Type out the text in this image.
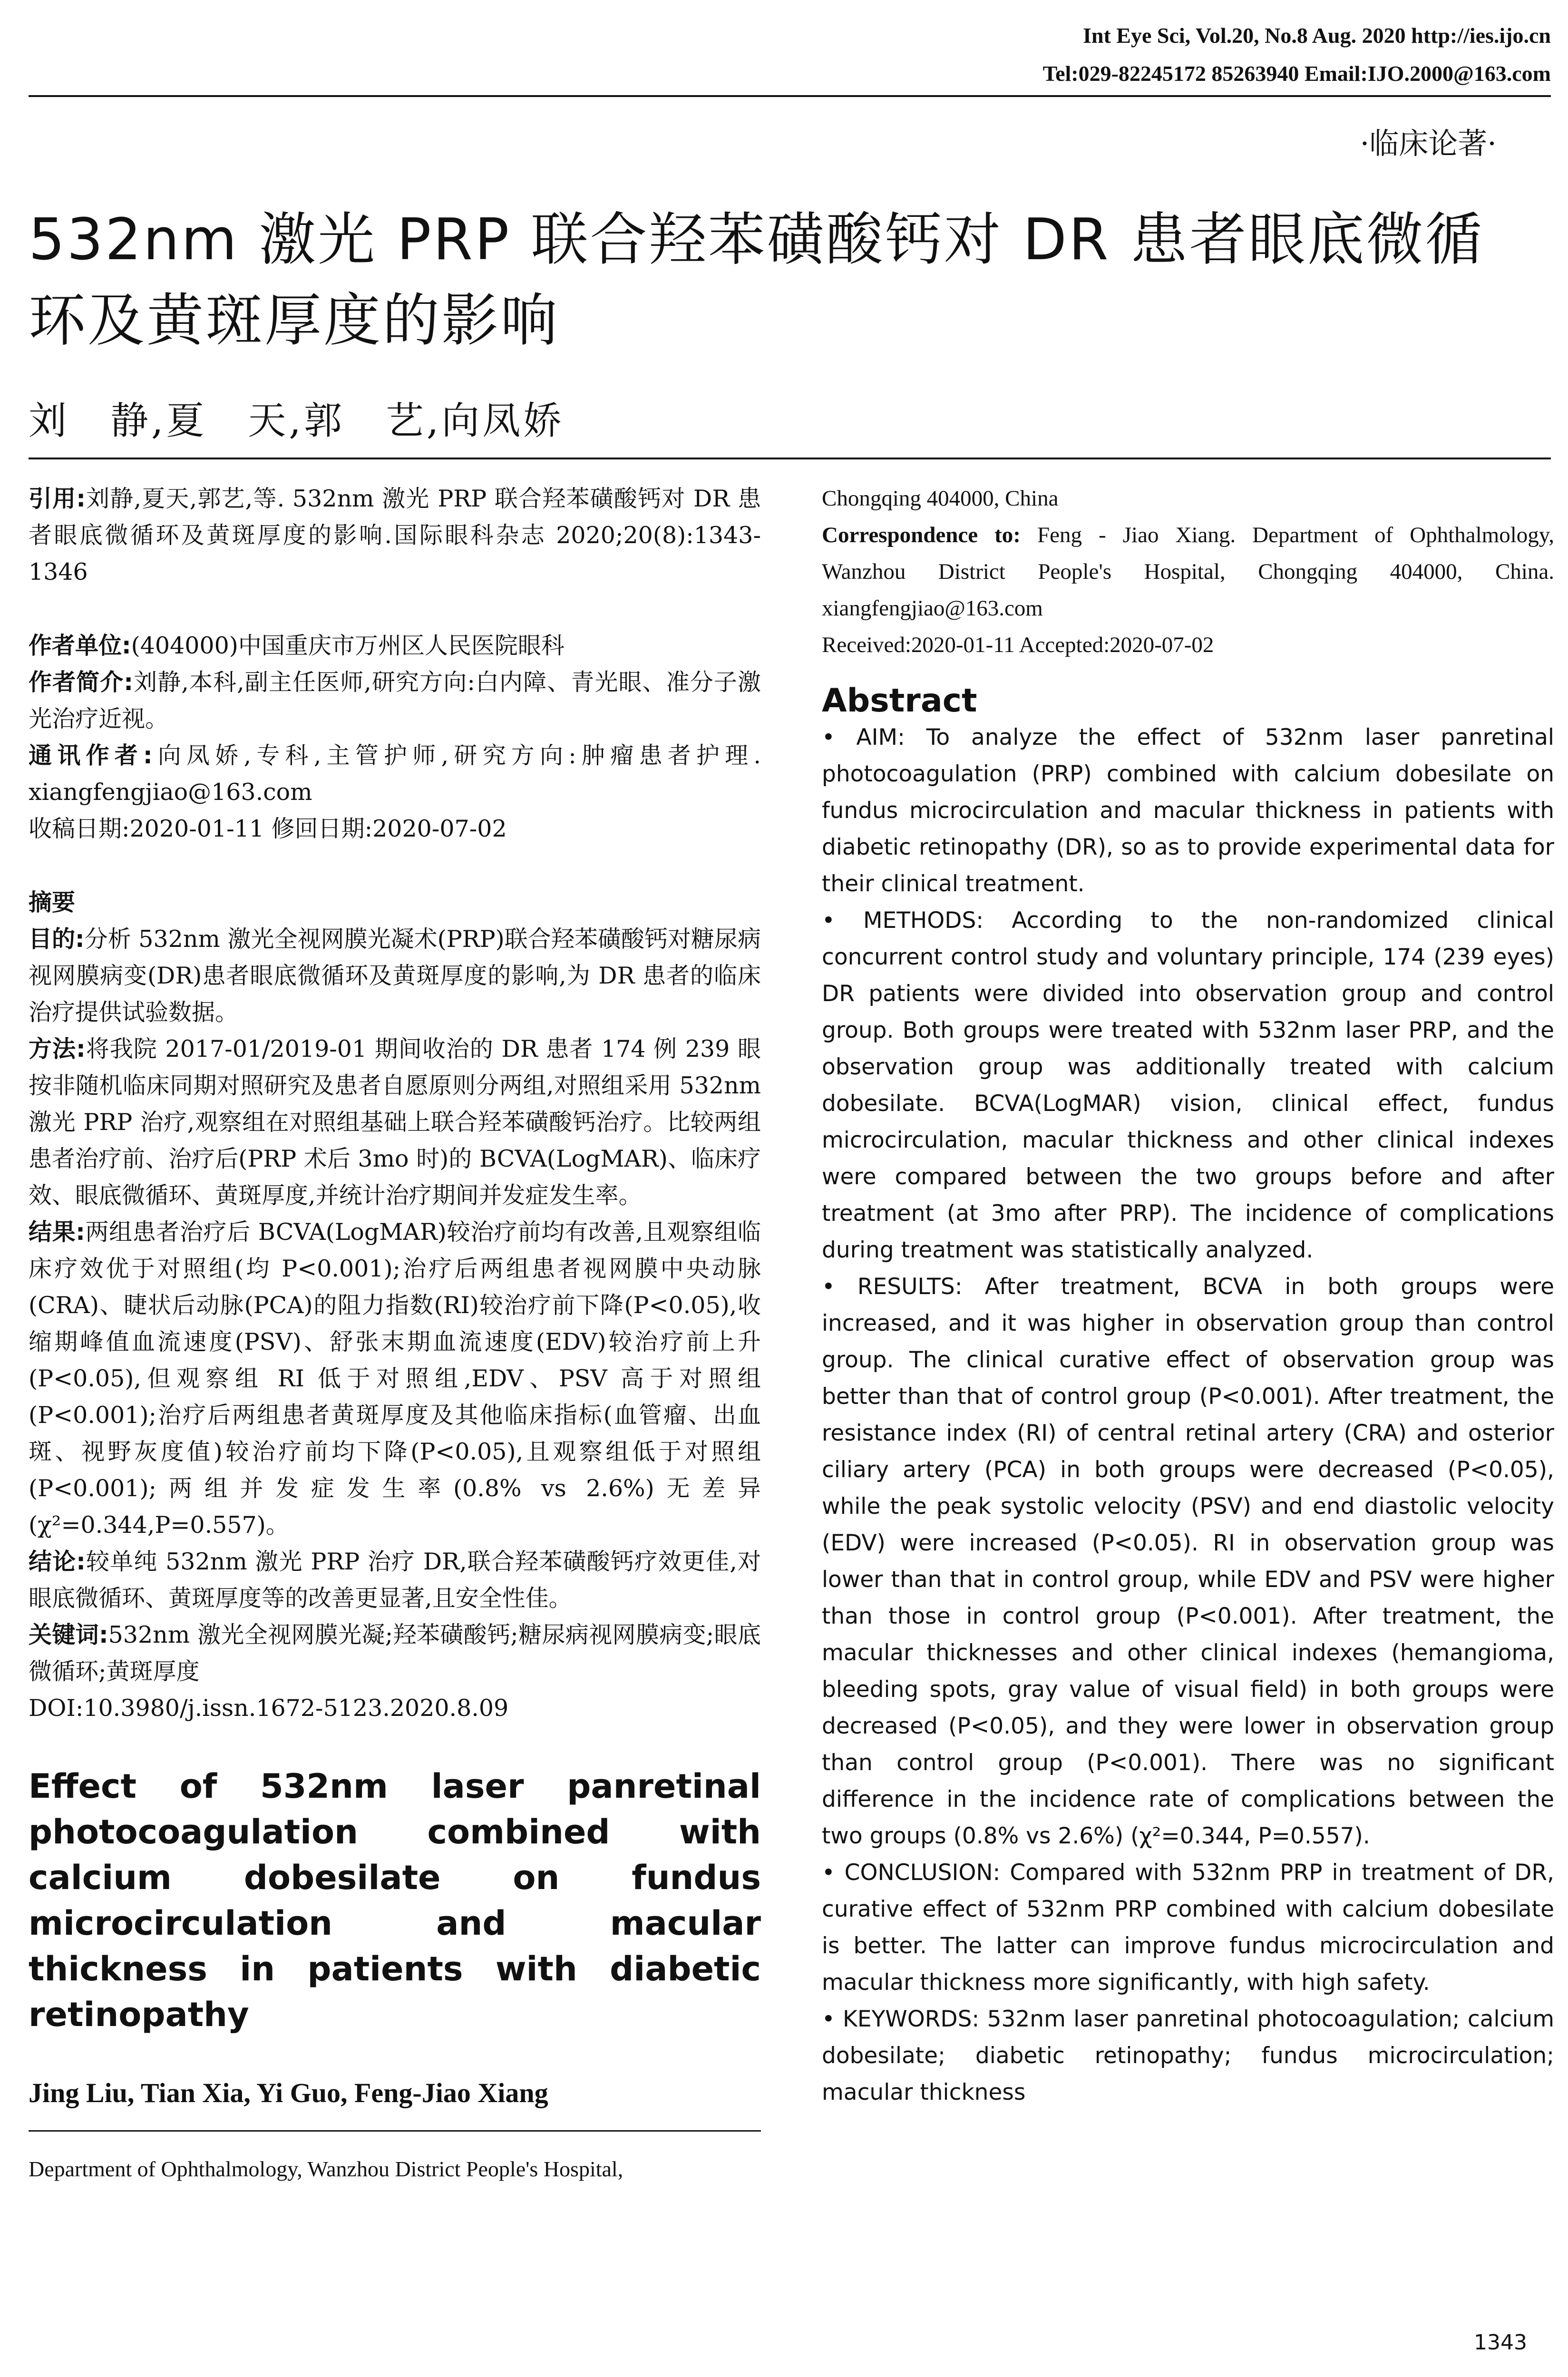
Int Eye Sci, Vol.20, No.8 Aug. 2020 http://ies.ijo.cn
Tel:029-82245172 85263940 Email:IJO.2000@163.com
·临床论著·
532nm 激光 PRP 联合羟苯磺酸钙对 DR 患者眼底微循环及黄斑厚度的影响
刘　静,夏　天,郭　艺,向凤娇

引用:刘静,夏天,郭艺,等. 532nm 激光 PRP 联合羟苯磺酸钙对 DR 患者眼底微循环及黄斑厚度的影响.国际眼科杂志 2020;20(8):1343-1346

作者单位:(404000)中国重庆市万州区人民医院眼科

作者简介:刘静,本科,副主任医师,研究方向:白内障、青光眼、准分子激光治疗近视。

通讯作者:向凤娇,专科,主管护师,研究方向:肿瘤患者护理. xiangfengjiao@163.com

收稿日期:2020-01-11 修回日期:2020-07-02

摘要

目的:分析 532nm 激光全视网膜光凝术(PRP)联合羟苯磺酸钙对糖尿病视网膜病变(DR)患者眼底微循环及黄斑厚度的影响,为 DR 患者的临床治疗提供试验数据。

方法:将我院 2017-01/2019-01 期间收治的 DR 患者 174 例 239 眼按非随机临床同期对照研究及患者自愿原则分两组,对照组采用 532nm 激光 PRP 治疗,观察组在对照组基础上联合羟苯磺酸钙治疗。比较两组患者治疗前、治疗后(PRP 术后 3mo 时)的 BCVA(LogMAR)、临床疗效、眼底微循环、黄斑厚度,并统计治疗期间并发症发生率。

结果:两组患者治疗后 BCVA(LogMAR)较治疗前均有改善,且观察组临床疗效优于对照组(均 P<0.001);治疗后两组患者视网膜中央动脉(CRA)、睫状后动脉(PCA)的阻力指数(RI)较治疗前下降(P<0.05),收缩期峰值血流速度(PSV)、舒张末期血流速度(EDV)较治疗前上升(P<0.05),但观察组 RI 低于对照组,EDV、PSV 高于对照组(P<0.001);治疗后两组患者黄斑厚度及其他临床指标(血管瘤、出血斑、视野灰度值)较治疗前均下降(P<0.05),且观察组低于对照组(P<0.001);两组并发症发生率(0.8% vs 2.6%)无差异(χ²=0.344,P=0.557)。

结论:较单纯 532nm 激光 PRP 治疗 DR,联合羟苯磺酸钙疗效更佳,对眼底微循环、黄斑厚度等的改善更显著,且安全性佳。

关键词:532nm 激光全视网膜光凝;羟苯磺酸钙;糖尿病视网膜病变;眼底微循环;黄斑厚度

DOI:10.3980/j.issn.1672-5123.2020.8.09

Effect of 532nm laser panretinal photocoagulation combined with calcium dobesilate on fundus microcirculation and macular thickness in patients with diabetic retinopathy

Jing Liu, Tian Xia, Yi Guo, Feng-Jiao Xiang

Department of Ophthalmology, Wanzhou District People's Hospital,

Chongqing 404000, China

Correspondence to: Feng - Jiao Xiang. Department of Ophthalmology, Wanzhou District People's Hospital, Chongqing 404000, China. xiangfengjiao@163.com

Received:2020-01-11 Accepted:2020-07-02

Abstract

• AIM: To analyze the effect of 532nm laser panretinal photocoagulation (PRP) combined with calcium dobesilate on fundus microcirculation and macular thickness in patients with diabetic retinopathy (DR), so as to provide experimental data for their clinical treatment.

• METHODS: According to the non-randomized clinical concurrent control study and voluntary principle, 174 (239 eyes) DR patients were divided into observation group and control group. Both groups were treated with 532nm laser PRP, and the observation group was additionally treated with calcium dobesilate. BCVA(LogMAR) vision, clinical effect, fundus microcirculation, macular thickness and other clinical indexes were compared between the two groups before and after treatment (at 3mo after PRP). The incidence of complications during treatment was statistically analyzed.

• RESULTS: After treatment, BCVA in both groups were increased, and it was higher in observation group than control group. The clinical curative effect of observation group was better than that of control group (P<0.001). After treatment, the resistance index (RI) of central retinal artery (CRA) and osterior ciliary artery (PCA) in both groups were decreased (P<0.05), while the peak systolic velocity (PSV) and end diastolic velocity (EDV) were increased (P<0.05). RI in observation group was lower than that in control group, while EDV and PSV were higher than those in control group (P<0.001). After treatment, the macular thicknesses and other clinical indexes (hemangioma, bleeding spots, gray value of visual field) in both groups were decreased (P<0.05), and they were lower in observation group than control group (P<0.001). There was no significant difference in the incidence rate of complications between the two groups (0.8% vs 2.6%) (χ²=0.344, P=0.557).

• CONCLUSION: Compared with 532nm PRP in treatment of DR, curative effect of 532nm PRP combined with calcium dobesilate is better. The latter can improve fundus microcirculation and macular thickness more significantly, with high safety.

• KEYWORDS: 532nm laser panretinal photocoagulation; calcium dobesilate; diabetic retinopathy; fundus microcirculation; macular thickness

1343
